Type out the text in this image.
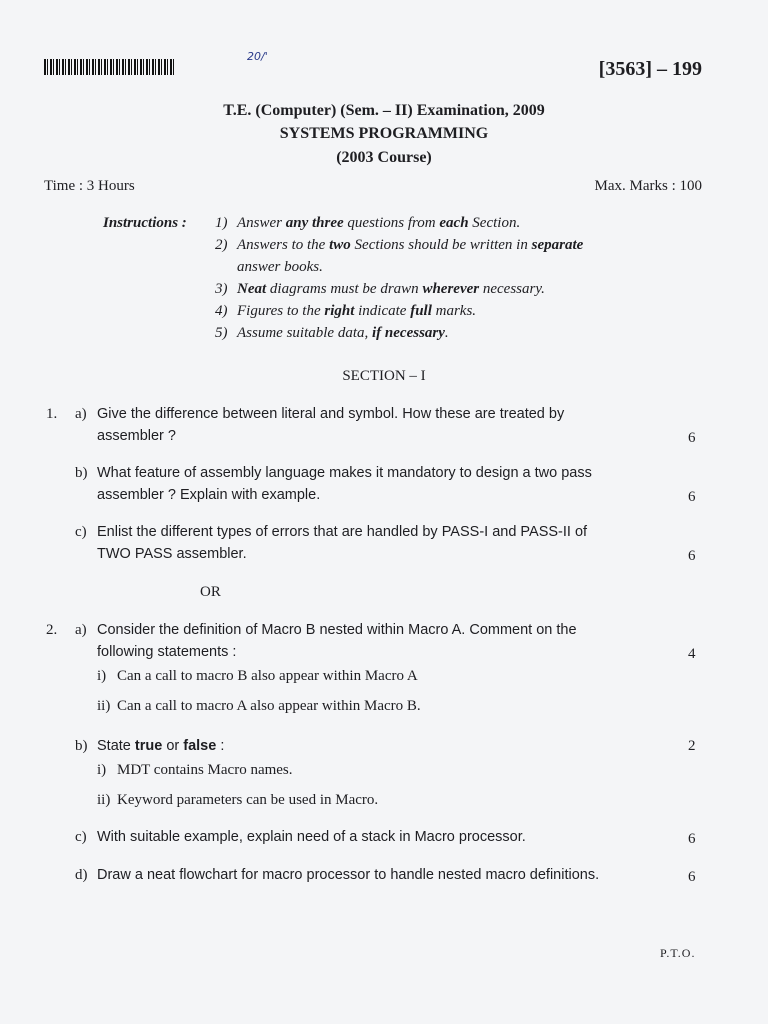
20/'
[3563] – 199
T.E. (Computer) (Sem. – II) Examination, 2009
SYSTEMS PROGRAMMING
(2003 Course)
Time : 3 Hours	Max. Marks : 100
Instructions : 1) Answer any three questions from each Section.
2) Answers to the two Sections should be written in separate
answer books.
3) Neat diagrams must be drawn wherever necessary.
4) Figures to the right indicate full marks.
5) Assume suitable data, if necessary.
SECTION – I
1. a) Give the difference between literal and symbol. How these are treated by
assembler ?	6
b) What feature of assembly language makes it mandatory to design a two pass
assembler ? Explain with example.	6
c) Enlist the different types of errors that are handled by PASS-I and PASS-II of
TWO PASS assembler.	6
OR
2. a) Consider the definition of Macro B nested within Macro A. Comment on the
following statements :	4
i) Can a call to macro B also appear within Macro A
ii) Can a call to macro A also appear within Macro B.
b) State true or false :	2
i) MDT contains Macro names.
ii) Keyword parameters can be used in Macro.
c) With suitable example, explain need of a stack in Macro processor.	6
d) Draw a neat flowchart for macro processor to handle nested macro definitions.	6
P.T.O.
